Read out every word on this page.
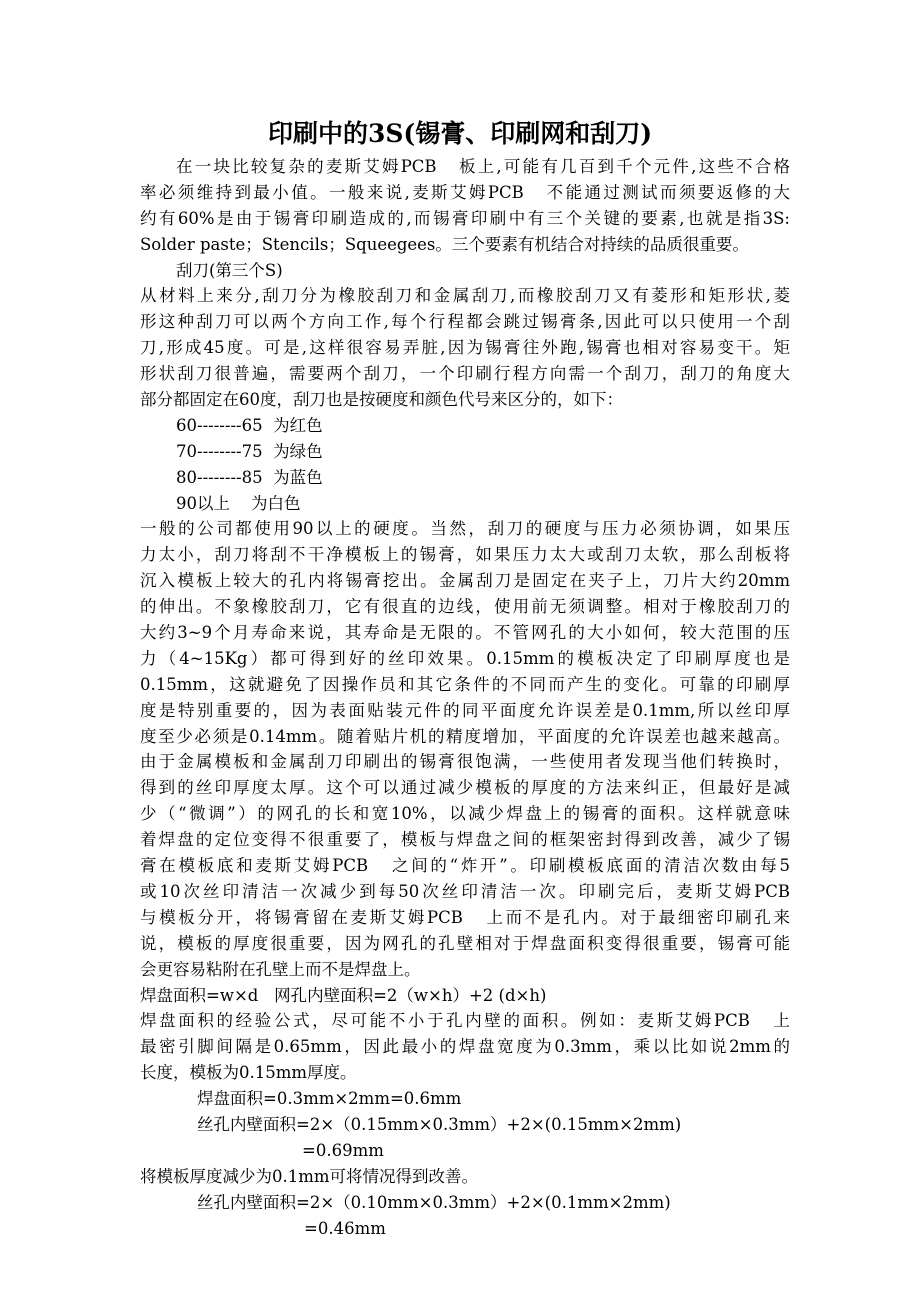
印刷中的3S(锡膏、印刷网和刮刀)
在一块比较复杂的麦斯艾姆PCB   板上,可能有几百到千个元件,这些不合格
率必须维持到最小值。一般来说,麦斯艾姆PCB   不能通过测试而须要返修的大
约有60%是由于锡膏印刷造成的,而锡膏印刷中有三个关键的要素,也就是指3S:
Solder paste；Stencils；Squeegees。三个要素有机结合对持续的品质很重要。
刮刀(第三个S)
从材料上来分,刮刀分为橡胶刮刀和金属刮刀,而橡胶刮刀又有菱形和矩形状,菱
形这种刮刀可以两个方向工作,每个行程都会跳过锡膏条,因此可以只使用一个刮
刀,形成45度。可是,这样很容易弄脏,因为锡膏往外跑,锡膏也相对容易变干。矩
形状刮刀很普遍，需要两个刮刀，一个印刷行程方向需一个刮刀，刮刀的角度大
部分都固定在60度，刮刀也是按硬度和颜色代号来区分的，如下：
60--------65  为红色
70--------75  为绿色
80--------85  为蓝色
90以上    为白色
一般的公司都使用90以上的硬度。当然，刮刀的硬度与压力必须协调，如果压
力太小，刮刀将刮不干净模板上的锡膏，如果压力太大或刮刀太软，那么刮板将
沉入模板上较大的孔内将锡膏挖出。金属刮刀是固定在夹子上，刀片大约20mm
的伸出。不象橡胶刮刀，它有很直的边线，使用前无须调整。相对于橡胶刮刀的
大约3~9个月寿命来说，其寿命是无限的。不管网孔的大小如何，较大范围的压
力（4~15Kg）都可得到好的丝印效果。0.15mm的模板决定了印刷厚度也是
0.15mm，这就避免了因操作员和其它条件的不同而产生的变化。可靠的印刷厚
度是特别重要的，因为表面贴装元件的同平面度允许误差是0.1mm,所以丝印厚
度至少必须是0.14mm。随着贴片机的精度增加，平面度的允许误差也越来越高。
由于金属模板和金属刮刀印刷出的锡膏很饱满，一些使用者发现当他们转换时，
得到的丝印厚度太厚。这个可以通过减少模板的厚度的方法来纠正，但最好是减
少（“微调”）的网孔的长和宽10%，以减少焊盘上的锡膏的面积。这样就意味
着焊盘的定位变得不很重要了，模板与焊盘之间的框架密封得到改善，减少了锡
膏在模板底和麦斯艾姆PCB   之间的“炸开”。印刷模板底面的清洁次数由每5
或10次丝印清洁一次减少到每50次丝印清洁一次。印刷完后，麦斯艾姆PCB
与模板分开，将锡膏留在麦斯艾姆PCB   上而不是孔内。对于最细密印刷孔来
说，模板的厚度很重要，因为网孔的孔壁相对于焊盘面积变得很重要，锡膏可能
会更容易粘附在孔壁上而不是焊盘上。
焊盘面积=w×d   网孔内壁面积=2（w×h）+2 (d×h)
焊盘面积的经验公式，尽可能不小于孔内壁的面积。例如：麦斯艾姆PCB   上
最密引脚间隔是0.65mm，因此最小的焊盘宽度为0.3mm，乘以比如说2mm的
长度，模板为0.15mm厚度。
焊盘面积=0.3mm×2mm=0.6mm
丝孔内壁面积=2×（0.15mm×0.3mm）+2×(0.15mm×2mm)
=0.69mm
将模板厚度减少为0.1mm可将情况得到改善。
丝孔内壁面积=2×（0.10mm×0.3mm）+2×(0.1mm×2mm)
=0.46mm
